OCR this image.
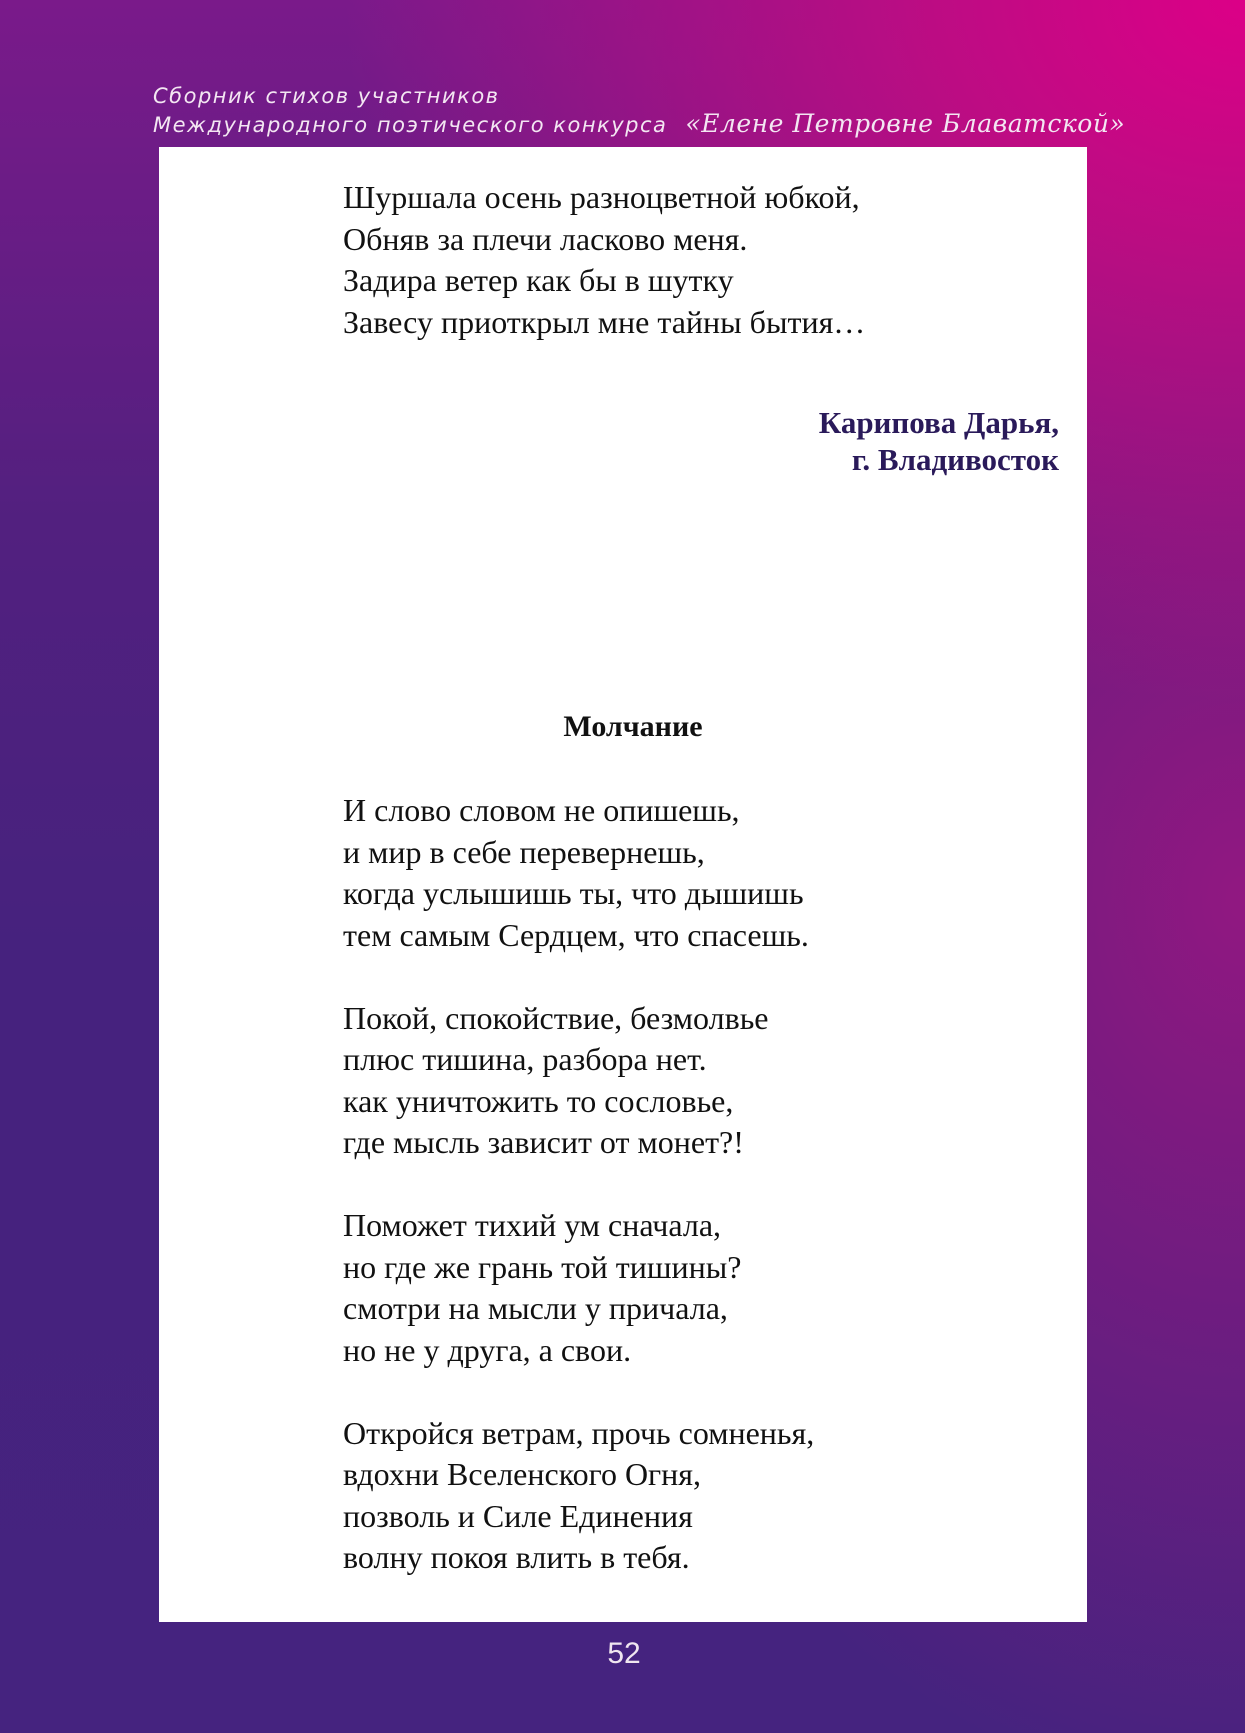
Сборник стихов участников
Международного поэтического конкурса «Елене Петровне Блаватской»
Шуршала осень разноцветной юбкой,
Обняв за плечи ласково меня.
Задира ветер как бы в шутку
Завесу приоткрыл мне тайны бытия…
Карипова Дарья,
г. Владивосток
Молчание
И слово словом не опишешь,
и мир в себе перевернешь,
когда услышишь ты, что дышишь
тем самым Сердцем, что спасешь.
Покой, спокойствие, безмолвье
плюс тишина, разбора нет.
как уничтожить то сословье,
где мысль зависит от монет?!
Поможет тихий ум сначала,
но где же грань той тишины?
смотри на мысли у причала,
но не у друга, а свои.
Откройся ветрам, прочь сомненья,
вдохни Вселенского Огня,
позволь и Силе Единения
волну покоя влить в тебя.
52
